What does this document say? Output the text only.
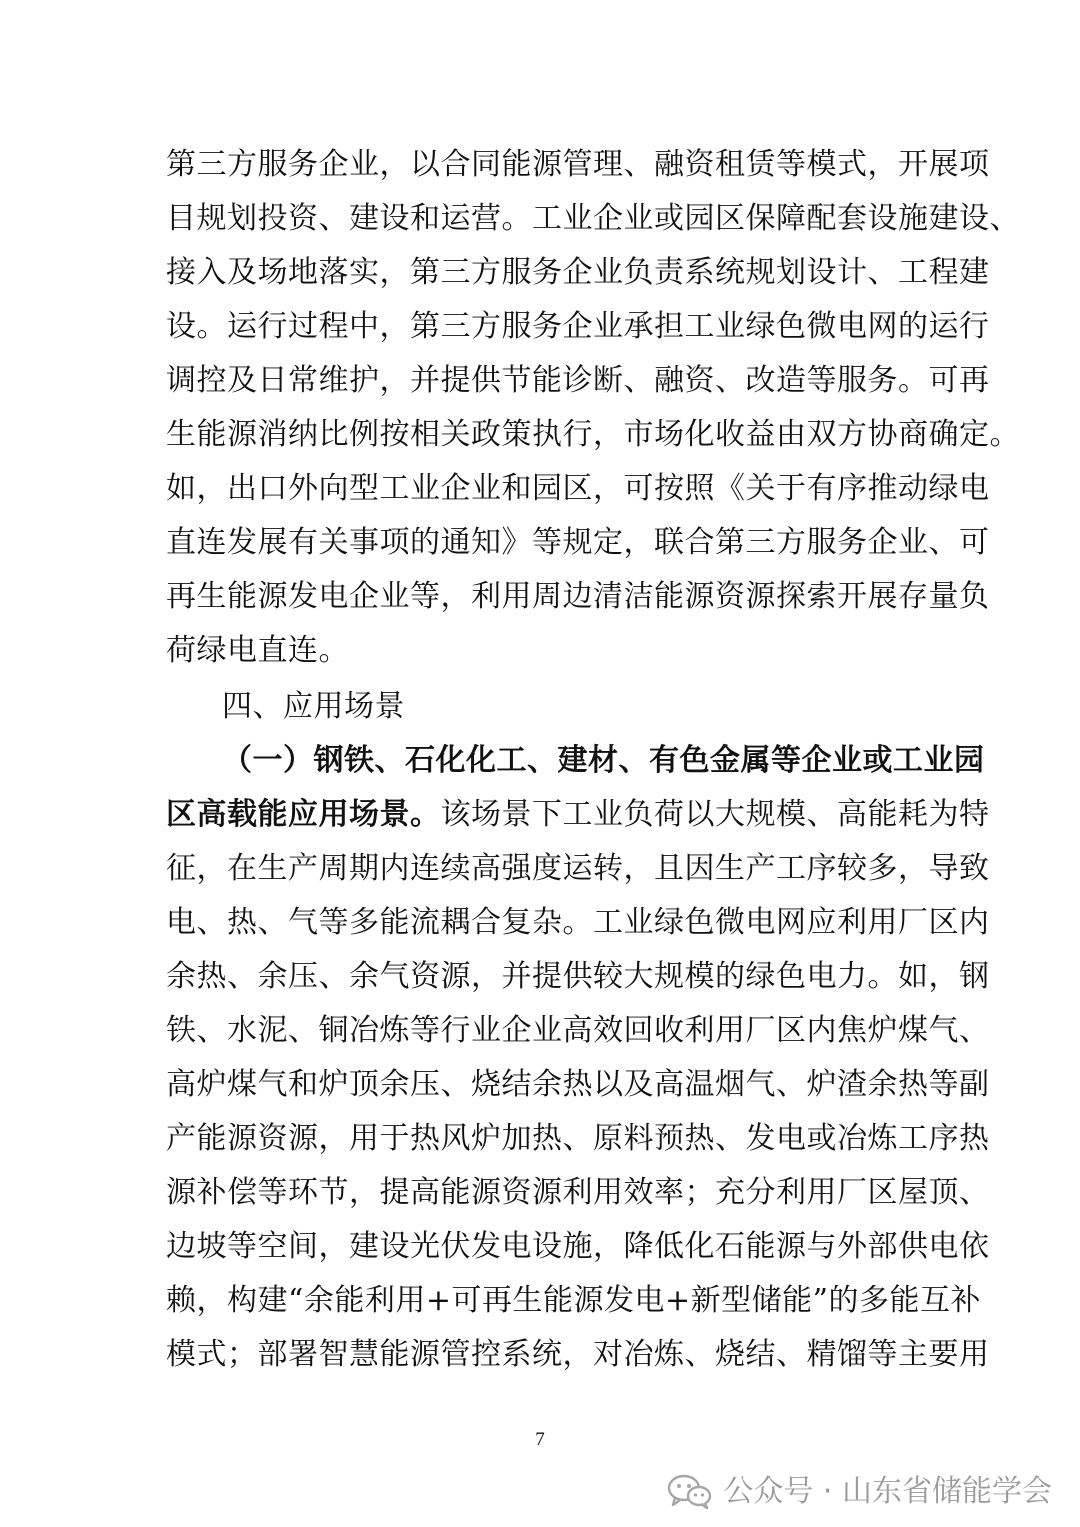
第三方服务企业，以合同能源管理、融资租赁等模式，开展项
目规划投资、建设和运营。工业企业或园区保障配套设施建设、
接入及场地落实，第三方服务企业负责系统规划设计、工程建
设。运行过程中，第三方服务企业承担工业绿色微电网的运行
调控及日常维护，并提供节能诊断、融资、改造等服务。可再
生能源消纳比例按相关政策执行，市场化收益由双方协商确定。
如，出口外向型工业企业和园区，可按照《关于有序推动绿电
直连发展有关事项的通知》等规定，联合第三方服务企业、可
再生能源发电企业等，利用周边清洁能源资源探索开展存量负
荷绿电直连。
四、应用场景
（一）钢铁、石化化工、建材、有色金属等企业或工业园
区高载能应用场景。该场景下工业负荷以大规模、高能耗为特
征，在生产周期内连续高强度运转，且因生产工序较多，导致
电、热、气等多能流耦合复杂。工业绿色微电网应利用厂区内
余热、余压、余气资源，并提供较大规模的绿色电力。如，钢
铁、水泥、铜冶炼等行业企业高效回收利用厂区内焦炉煤气、
高炉煤气和炉顶余压、烧结余热以及高温烟气、炉渣余热等副
产能源资源，用于热风炉加热、原料预热、发电或冶炼工序热
源补偿等环节，提高能源资源利用效率；充分利用厂区屋顶、
边坡等空间，建设光伏发电设施，降低化石能源与外部供电依
赖，构建“余能利用+可再生能源发电+新型储能”的多能互补
模式；部署智慧能源管控系统，对冶炼、烧结、精馏等主要用
7
公众号 · 山东省储能学会
